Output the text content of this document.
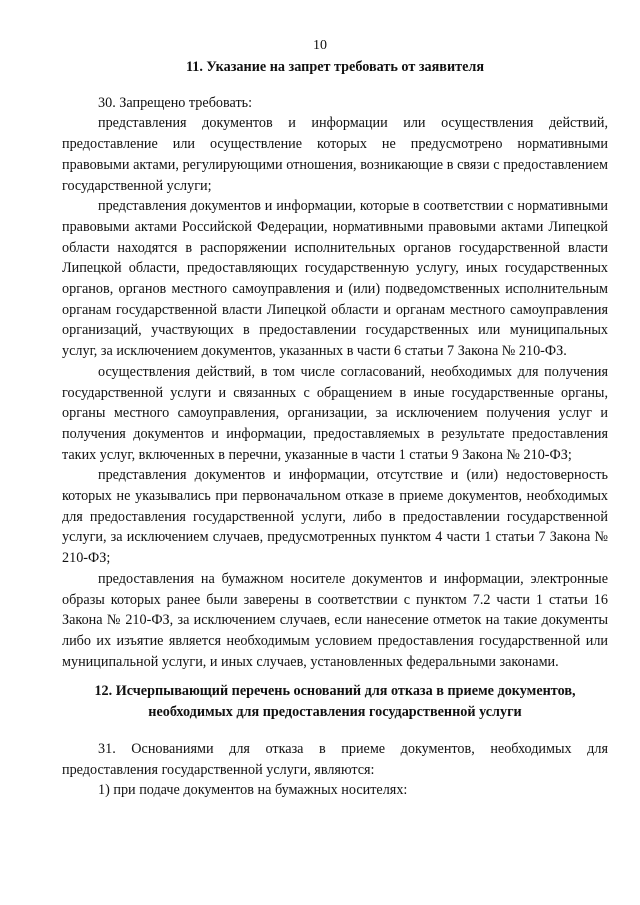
10

11. Указание на запрет требовать от заявителя

30. Запрещено требовать:

представления документов и информации или осуществления действий, предоставление или осуществление которых не предусмотрено нормативными правовыми актами, регулирующими отношения, возникающие в связи с предоставлением государственной услуги;

представления документов и информации, которые в соответствии с нормативными правовыми актами Российской Федерации, нормативными правовыми актами Липецкой области находятся в распоряжении исполнительных органов государственной власти Липецкой области, предоставляющих государственную услугу, иных государственных органов, органов местного самоуправления и (или) подведомственных исполнительным органам государственной власти Липецкой области и органам местного самоуправления организаций, участвующих в предоставлении государственных или муниципальных услуг, за исключением документов, указанных в части 6 статьи 7 Закона № 210-ФЗ.

осуществления действий, в том числе согласований, необходимых для получения государственной услуги и связанных с обращением в иные государственные органы, органы местного самоуправления, организации, за исключением получения услуг и получения документов и информации, предоставляемых в результате предоставления таких услуг, включенных в перечни, указанные в части 1 статьи 9 Закона № 210-ФЗ;

представления документов и информации, отсутствие и (или) недостоверность которых не указывались при первоначальном отказе в приеме документов, необходимых для предоставления государственной услуги, либо в предоставлении государственной услуги, за исключением случаев, предусмотренных пунктом 4 части 1 статьи 7 Закона № 210-ФЗ;

предоставления на бумажном носителе документов и информации, электронные образы которых ранее были заверены в соответствии с пунктом 7.2 части 1 статьи 16 Закона № 210-ФЗ, за исключением случаев, если нанесение отметок на такие документы либо их изъятие является необходимым условием предоставления государственной или муниципальной услуги, и иных случаев, установленных федеральными законами.

12. Исчерпывающий перечень оснований для отказа в приеме документов, необходимых для предоставления государственной услуги

31. Основаниями для отказа в приеме документов, необходимых для предоставления государственной услуги, являются:

1) при подаче документов на бумажных носителях:
